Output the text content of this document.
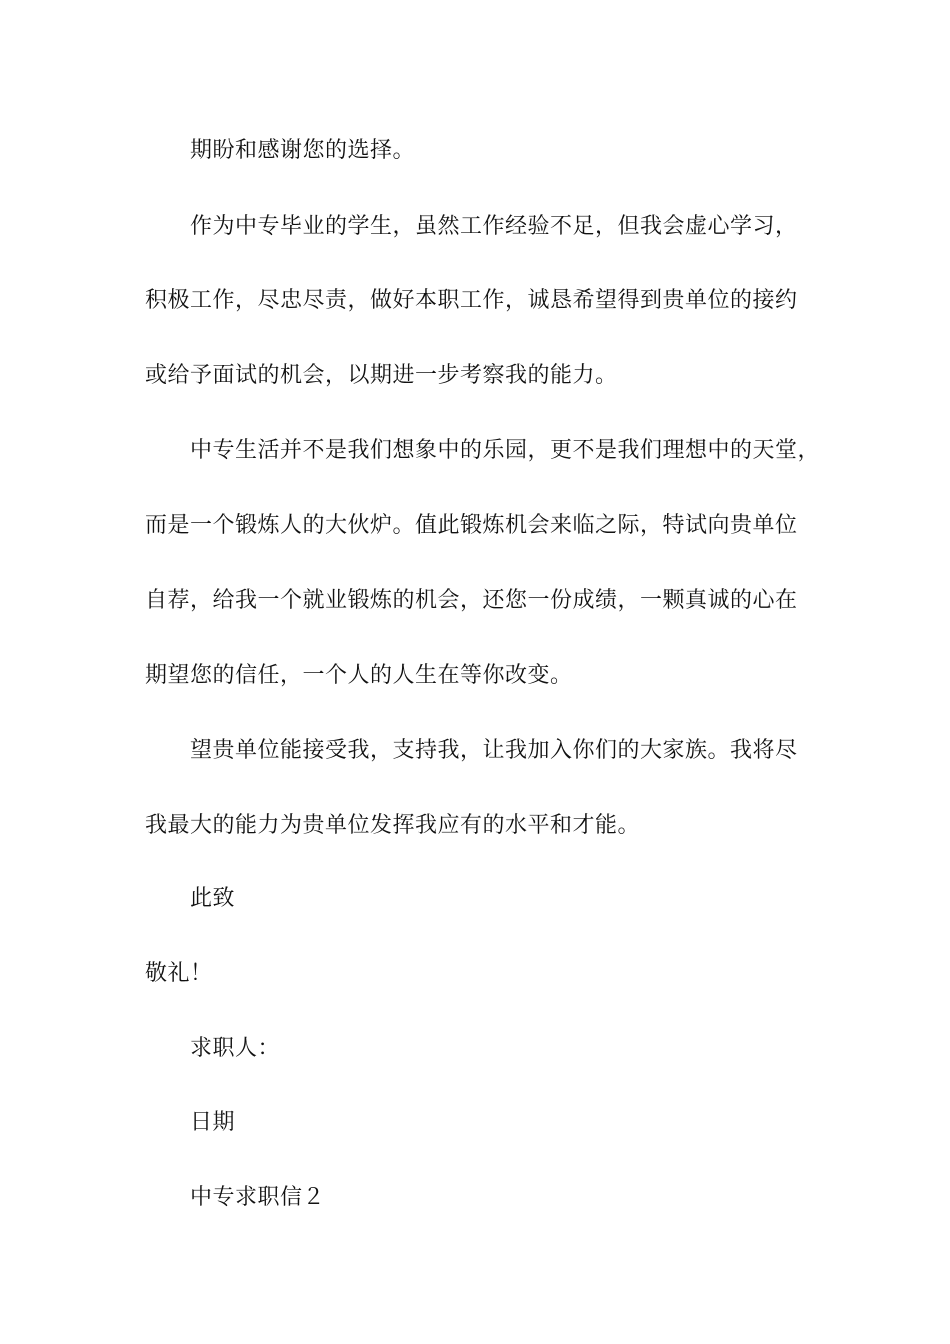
期盼和感谢您的选择。
作为中专毕业的学生，虽然工作经验不足，但我会虚心学习，
积极工作，尽忠尽责，做好本职工作，诚恳希望得到贵单位的接约
或给予面试的机会，以期进一步考察我的能力。
中专生活并不是我们想象中的乐园，更不是我们理想中的天堂，
而是一个锻炼人的大伙炉。值此锻炼机会来临之际，特试向贵单位
自荐，给我一个就业锻炼的机会，还您一份成绩，一颗真诚的心在
期望您的信任，一个人的人生在等你改变。
望贵单位能接受我，支持我，让我加入你们的大家族。我将尽
我最大的能力为贵单位发挥我应有的水平和才能。
此致
敬礼！
求职人：
日期
中专求职信２
